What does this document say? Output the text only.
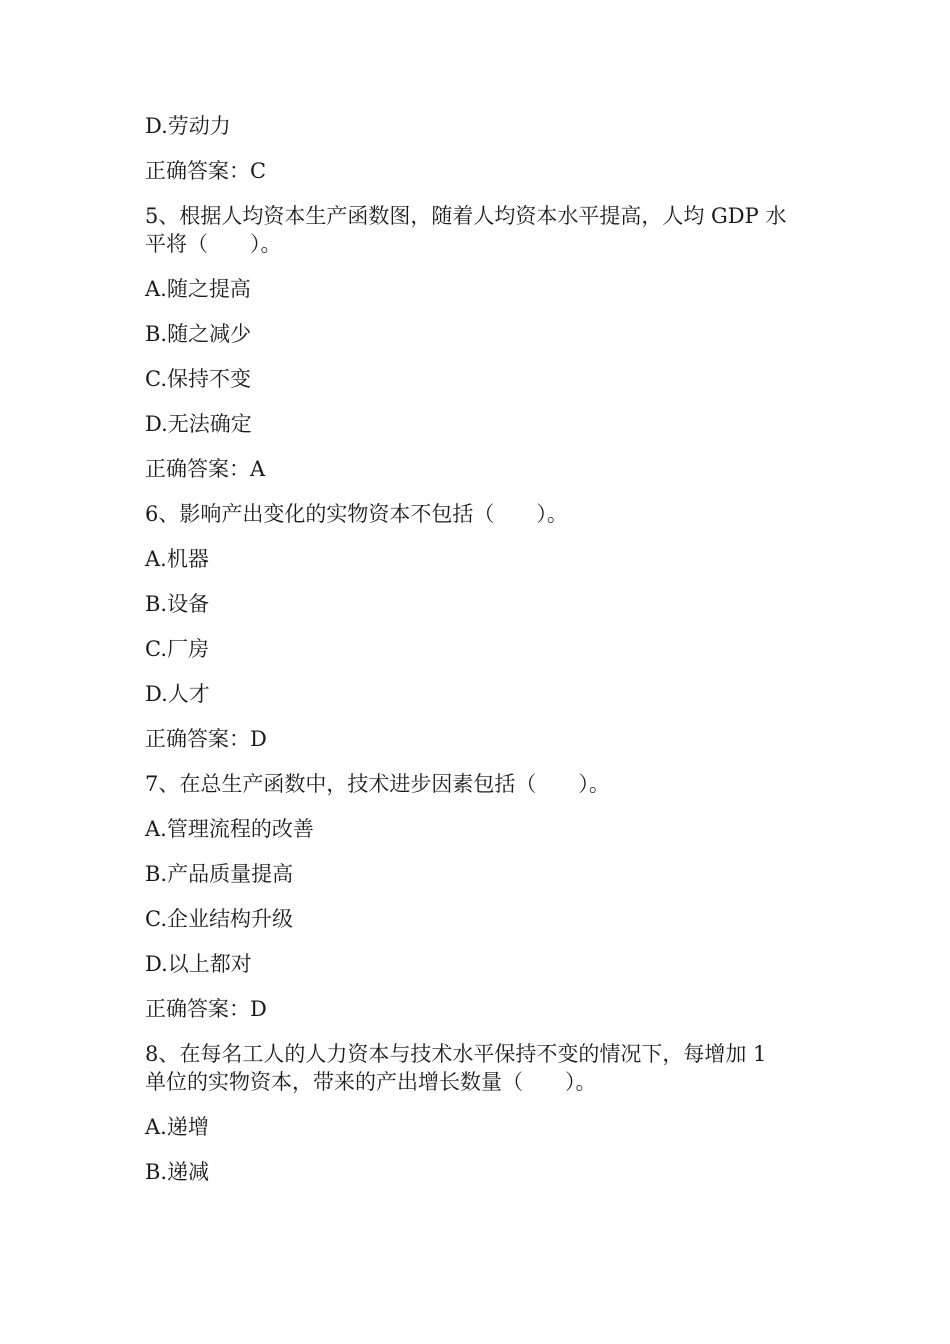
D.劳动力
正确答案：C
5、根据人均资本生产函数图，随着人均资本水平提高，人均 GDP 水
平将（　　）。
A.随之提高
B.随之减少
C.保持不变
D.无法确定
正确答案：A
6、影响产出变化的实物资本不包括（　　）。
A.机器
B.设备
C.厂房
D.人才
正确答案：D
7、在总生产函数中，技术进步因素包括（　　）。
A.管理流程的改善
B.产品质量提高
C.企业结构升级
D.以上都对
正确答案：D
8、在每名工人的人力资本与技术水平保持不变的情况下，每增加 1
单位的实物资本，带来的产出增长数量（　　）。
A.递增
B.递减
